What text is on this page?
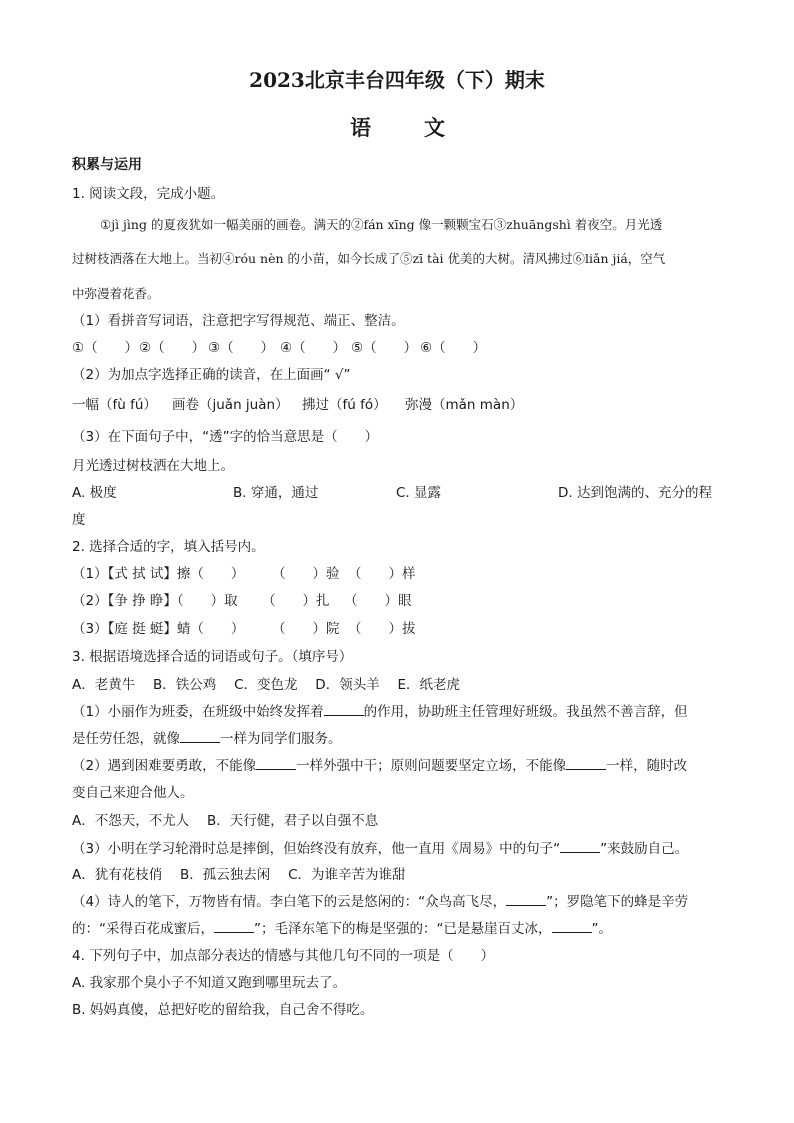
2023北京丰台四年级（下）期末
语	文
积累与运用
1. 阅读文段，完成小题。
①jì jìng 的夏夜犹如一幅美丽的画卷。满天的②fán xīng 像一颗颗宝石③zhuāngshì 着夜空。月光透
过树枝洒落在大地上。当初④róu nèn 的小苗，如今长成了⑤zī tài 优美的大树。清风拂过⑥liǎn jiá，空气
中弥漫着花香。
（1）看拼音写词语，注意把字写得规范、端正、整洁。
①（　　） ②（　　） ③（　　） ④（　　） ⑤（　　） ⑥（　　）
（2）为加点字选择正确的读音，在上面画“ √”
一幅（fù fú） 画卷（juǎn juàn） 拂过（fú fó） 弥漫（mǎn màn）
（3）在下面句子中，“透”字的恰当意思是（　　）
月光透过树枝洒在大地上。
A. 极度	B. 穿通，通过	C. 显露	D. 达到饱满的、充分的程
度
2. 选择合适的字，填入括号内。
（1）【式 拭 试】擦（　　） （　　）验 （　　）样
（2）【争 挣 睁】（　　）取 （　　）扎 （　　）眼
（3）【庭 挺 蜓】蜻（　　） （　　）院 （　　）拔
3. 根据语境选择合适的词语或句子。（填序号）
A．老黄牛　 B．铁公鸡　 C．变色龙　 D．领头羊　 E．纸老虎
（1）小丽作为班委，在班级中始终发挥着	的作用，协助班主任管理好班级。我虽然不善言辞，但
是任劳任怨，就像	一样为同学们服务。
（2）遇到困难要勇敢，不能像	一样外强中干；原则问题要坚定立场，不能像	一样，随时改
变自己来迎合他人。
A．不怨天，不尤人　 B．天行健，君子以自强不息
（3）小明在学习轮滑时总是摔倒，但始终没有放弃，他一直用《周易》中的句子“	”来鼓励自己。
A．犹有花枝俏　 B．孤云独去闲　 C．为谁辛苦为谁甜
（4）诗人的笔下，万物皆有情。李白笔下的云是悠闲的：“众鸟高飞尽，	”；罗隐笔下的蜂是辛劳
的：“采得百花成蜜后，	”；毛泽东笔下的梅是坚强的：“已是悬崖百丈冰，	”。
4. 下列句子中，加点部分表达的情感与其他几句不同的一项是（　　）
A. 我家那个臭小子不知道又跑到哪里玩去了。
B. 妈妈真傻，总把好吃的留给我，自己舍不得吃。
